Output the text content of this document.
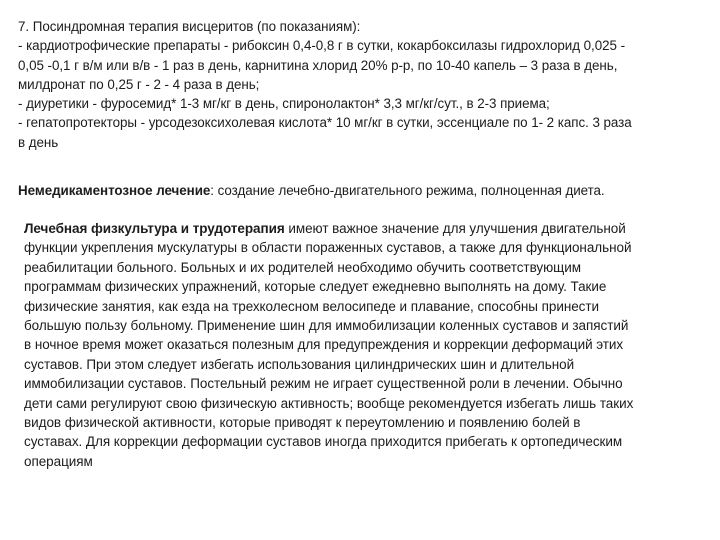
7. Посиндромная терапия висцеритов (по показаниям):
- кардиотрофические препараты - рибоксин 0,4-0,8 г в сутки, кокарбоксилазы гидрохлорид 0,025 -
0,05 -0,1 г в/м или в/в - 1 раз в день, карнитина хлорид 20% р-р, по 10-40 капель – 3 раза в день,
милдронат по 0,25 г - 2 - 4 раза в день;
- диуретики - фуросемид* 1-3 мг/кг в день, спиронолактон* 3,3 мг/кг/сут., в 2-3 приема;
- гепатопротекторы - урсодезоксихолевая кислота* 10 мг/кг в сутки, эссенциале по 1- 2 капс. 3 раза
в день
Немедикаментозное лечение: создание лечебно-двигательного режима, полноценная диета.
Лечебная физкультура и трудотерапия имеют важное значение для улучшения двигательной
функции укрепления мускулатуры в области пораженных суставов, а также для функциональной
реабилитации больного. Больных и их родителей необходимо обучить соответствующим
программам физических упражнений, которые следует ежедневно выполнять на дому. Такие
физические занятия, как езда на трехколесном велосипеде и плавание, способны принести
большую пользу больному. Применение шин для иммобилизации коленных суставов и запястий
в ночное время может оказаться полезным для предупреждения и коррекции деформаций этих
суставов. При этом следует избегать использования цилиндрических шин и длительной
иммобилизации суставов. Постельный режим не играет существенной роли в лечении. Обычно
дети сами регулируют свою физическую активность; вообще рекомендуется избегать лишь таких
видов физической активности, которые приводят к переутомлению и появлению болей в
суставах. Для коррекции деформации суставов иногда приходится прибегать к ортопедическим
операциям
